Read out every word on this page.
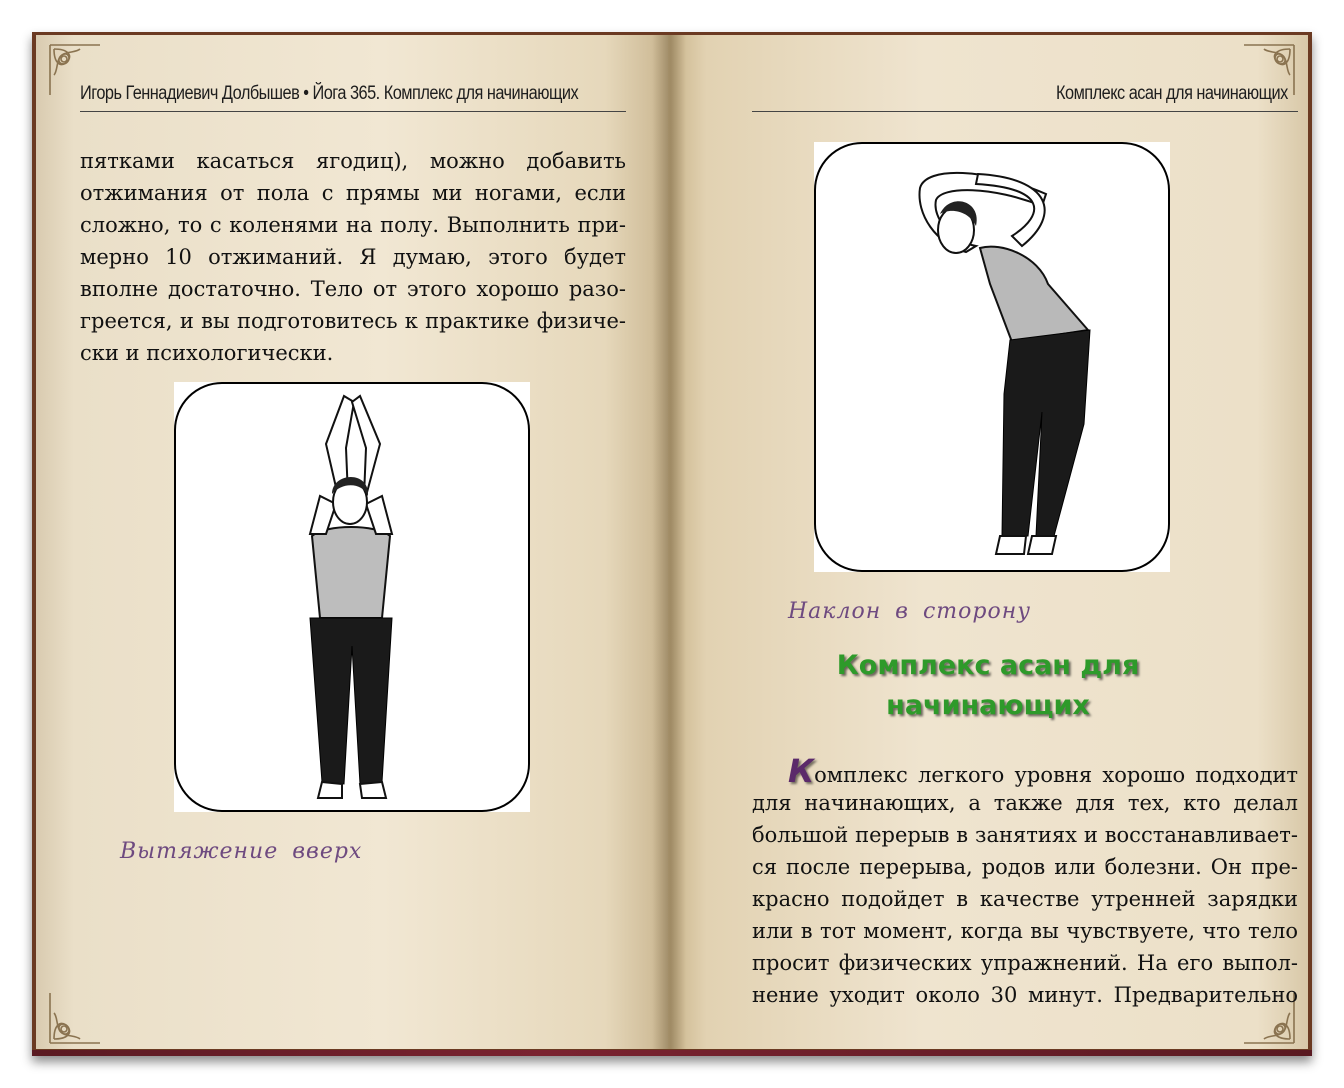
Игорь Геннадиевич Долбышев • Йога 365. Комплекс для начинающих

пятками касаться ягодиц), можно добавить

отжимания от пола с прямы ми ногами, если

сложно, то с коленями на полу. Выполнить при-

мерно 10 отжиманий. Я думаю, этого будет

вполне достаточно. Тело от этого хорошо разо-

греется, и вы подготовитесь к практике физиче-

ски и психологически.

Вытяжение вверх
Комплекс асан для начинающих
Наклон в сторону
Комплекс асан для
начинающих

Комплекс легкого уровня хорошо подходит

для начинающих, а также для тех, кто делал

большой перерыв в занятиях и восстанавливает-

ся после перерыва, родов или болезни. Он пре-

красно подойдет в качестве утренней зарядки

или в тот момент, когда вы чувствуете, что тело

просит физических упражнений. На его выпол-

нение уходит около 30 минут. Предварительно
